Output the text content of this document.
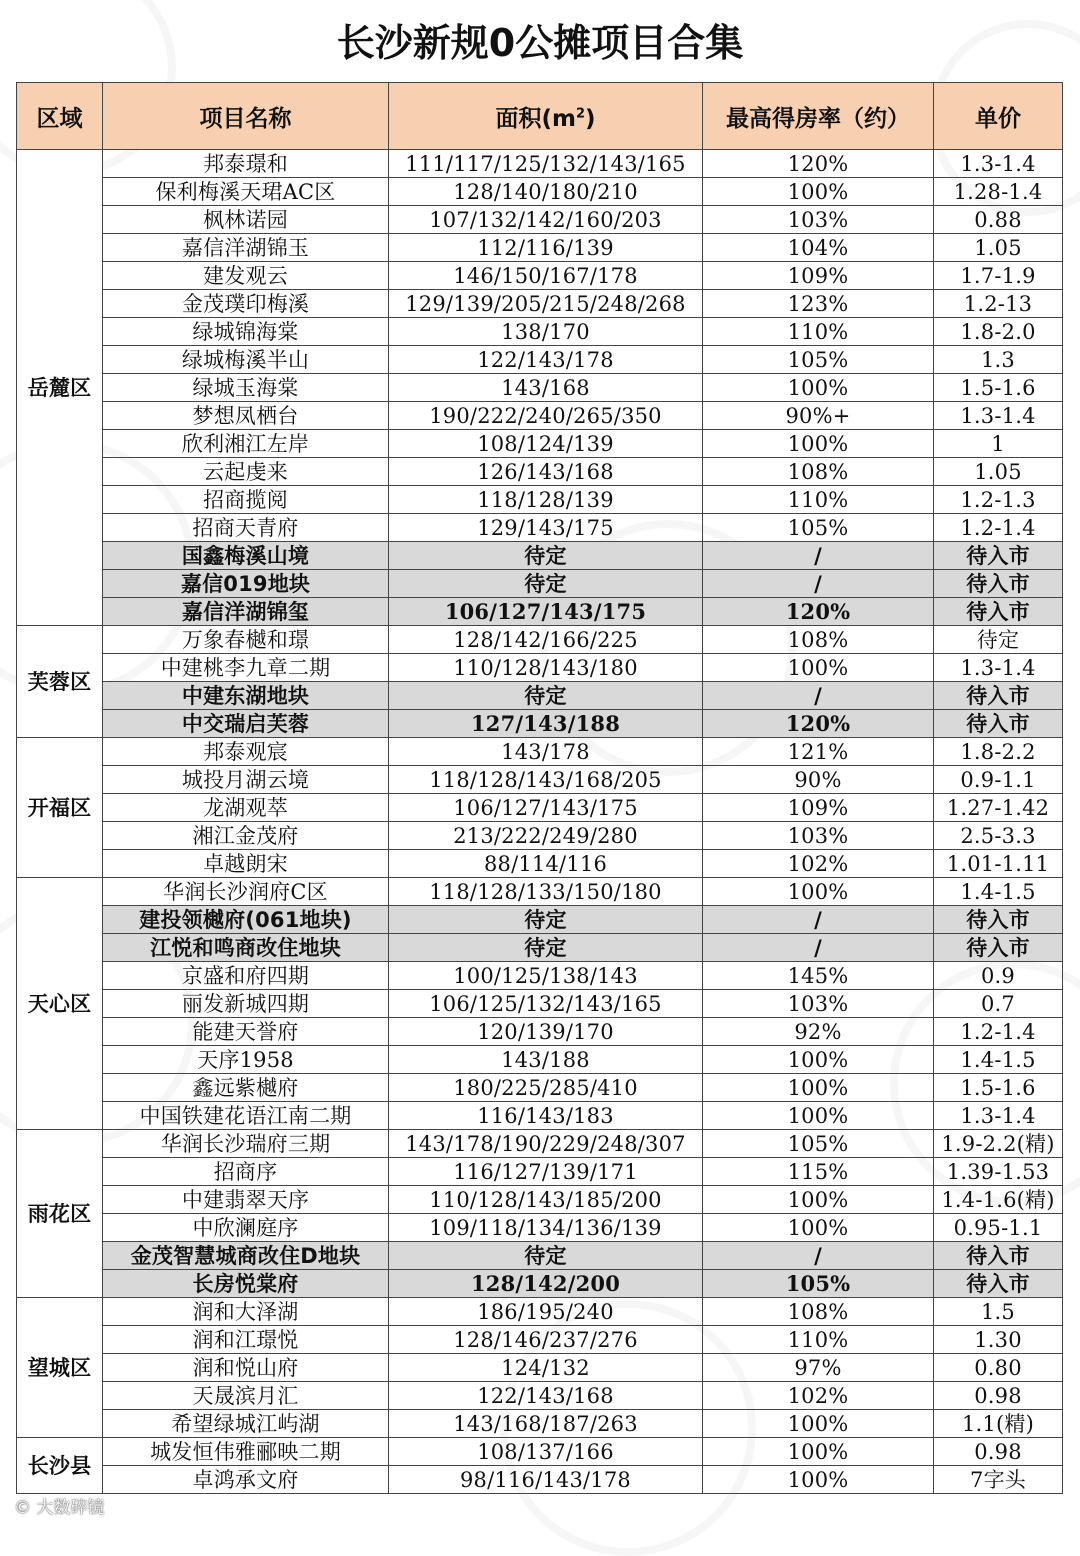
长沙新规0公摊项目合集
区域	项目名称	面积$(m^2)$	最高得房率（约）	单价
岳麓区	邦泰璟和	111/117/125/132/143/165	120%	1.3-1.4
	保利梅溪天珺AC区	128/140/180/210	100%	1.28-1.4
	枫林诺园	107/132/142/160/203	103%	0.88
	嘉信洋湖锦玉	112/116/139	104%	1.05
	建发观云	146/150/167/178	109%	1.7-1.9
	金茂璞印梅溪	129/139/205/215/248/268	123%	1.2-13
	绿城锦海棠	138/170	110%	1.8-2.0
	绿城梅溪半山	122/143/178	105%	1.3
	绿城玉海棠	143/168	100%	1.5-1.6
	梦想凤栖台	190/222/240/265/350	90%+	1.3-1.4
	欣利湘江左岸	108/124/139	100%	1
	云起虔来	126/143/168	108%	1.05
	招商揽阅	118/128/139	110%	1.2-1.3
	招商天青府	129/143/175	105%	1.2-1.4
	国鑫梅溪山境	待定	/	待入市
	嘉信019地块	待定	/	待入市
	嘉信洋湖锦玺	106/127/143/175	120%	待入市
芙蓉区	万象春樾和璟	128/142/166/225	108%	待定
	中建桃李九章二期	110/128/143/180	100%	1.3-1.4
	中建东湖地块	待定	/	待入市
	中交瑞启芙蓉	127/143/188	120%	待入市
开福区	邦泰观宸	143/178	121%	1.8-2.2
	城投月湖云境	118/128/143/168/205	90%	0.9-1.1
	龙湖观萃	106/127/143/175	109%	1.27-1.42
	湘江金茂府	213/222/249/280	103%	2.5-3.3
	卓越朗宋	88/114/116	102%	1.01-1.11
天心区	华润长沙润府C区	118/128/133/150/180	100%	1.4-1.5
	建投领樾府(061地块)	待定	/	待入市
	江悦和鸣商改住地块	待定	/	待入市
	京盛和府四期	100/125/138/143	145%	0.9
	丽发新城四期	106/125/132/143/165	103%	0.7
	能建天誉府	120/139/170	92%	1.2-1.4
	天序1958	143/188	100%	1.4-1.5
	鑫远紫樾府	180/225/285/410	100%	1.5-1.6
	中国铁建花语江南二期	116/143/183	100%	1.3-1.4
雨花区	华润长沙瑞府三期	143/178/190/229/248/307	105%	1.9-2.2(精)
	招商序	116/127/139/171	115%	1.39-1.53
	中建翡翠天序	110/128/143/185/200	100%	1.4-1.6(精)
	中欣澜庭序	109/118/134/136/139	100%	0.95-1.1
	金茂智慧城商改住D地块	待定	/	待入市
	长房悦棠府	128/142/200	105%	待入市
望城区	润和大泽湖	186/195/240	108%	1.5
	润和江璟悦	128/146/237/276	110%	1.30
	润和悦山府	124/132	97%	0.80
	天晟滨月汇	122/143/168	102%	0.98
	希望绿城江屿湖	143/168/187/263	100%	1.1(精)
长沙县	城发恒伟雅郦映二期	108/137/166	100%	0.98
	卓鸿承文府	98/116/143/178	100%	7字头
© 大数碎镜
